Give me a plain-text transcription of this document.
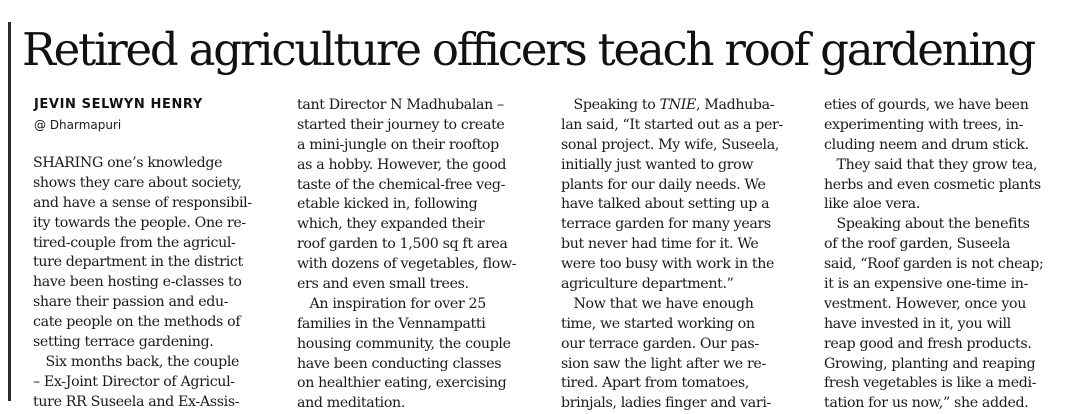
Retired agriculture officers teach roof gardening
JEVIN SELWYN HENRY
@ Dharmapuri
SHARING one’s knowledge
shows they care about society,
and have a sense of responsibil-
ity towards the people. One re-
tired-couple from the agricul-
ture department in the district
have been hosting e-classes to
share their passion and edu-
cate people on the methods of
setting terrace gardening.
Six months back, the couple
– Ex-Joint Director of Agricul-
ture RR Suseela and Ex-Assis-
tant Director N Madhubalan –
started their journey to create
a mini-jungle on their rooftop
as a hobby. However, the good
taste of the chemical-free veg-
etable kicked in, following
which, they expanded their
roof garden to 1,500 sq ft area
with dozens of vegetables, flow-
ers and even small trees.
An inspiration for over 25
families in the Vennampatti
housing community, the couple
have been conducting classes
on healthier eating, exercising
and meditation.
Speaking to TNIE, Madhuba-
lan said, “It started out as a per-
sonal project. My wife, Suseela,
initially just wanted to grow
plants for our daily needs. We
have talked about setting up a
terrace garden for many years
but never had time for it. We
were too busy with work in the
agriculture department.”
Now that we have enough
time, we started working on
our terrace garden. Our pas-
sion saw the light after we re-
tired. Apart from tomatoes,
brinjals, ladies finger and vari-
eties of gourds, we have been
experimenting with trees, in-
cluding neem and drum stick.
They said that they grow tea,
herbs and even cosmetic plants
like aloe vera.
Speaking about the benefits
of the roof garden, Suseela
said, “Roof garden is not cheap;
it is an expensive one-time in-
vestment. However, once you
have invested in it, you will
reap good and fresh products.
Growing, planting and reaping
fresh vegetables is like a medi-
tation for us now,” she added.
